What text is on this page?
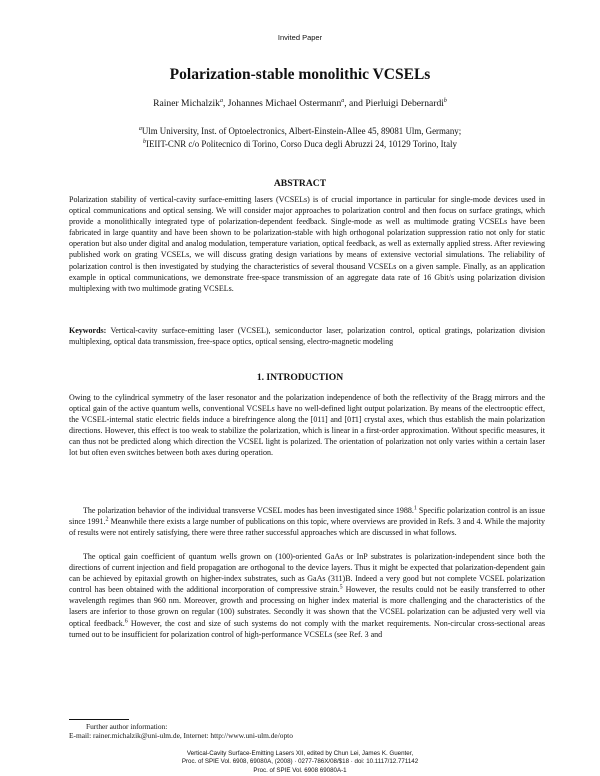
Invited Paper
Polarization-stable monolithic VCSELs
Rainer Michalzik$^a$, Johannes Michael Ostermann$^a$, and Pierluigi Debernardi$^b$
$^a$Ulm University, Inst. of Optoelectronics, Albert-Einstein-Allee 45, 89081 Ulm, Germany;
$^b$IEIIT-CNR c/o Politecnico di Torino, Corso Duca degli Abruzzi 24, 10129 Torino, Italy
ABSTRACT
Polarization stability of vertical-cavity surface-emitting lasers (VCSELs) is of crucial importance in particular for single-mode devices used in optical communications and optical sensing. We will consider major approaches to polarization control and then focus on surface gratings, which provide a monolithically integrated type of polarization-dependent feedback. Single-mode as well as multimode grating VCSELs have been fabricated in large quantity and have been shown to be polarization-stable with high orthogonal polarization suppression ratio not only for static operation but also under digital and analog modulation, temperature variation, optical feedback, as well as externally applied stress. After reviewing published work on grating VCSELs, we will discuss grating design variations by means of extensive vectorial simulations. The reliability of polarization control is then investigated by studying the characteristics of several thousand VCSELs on a given sample. Finally, as an application example in optical communications, we demonstrate free-space transmission of an aggregate data rate of 16 Gbit/s using polarization division multiplexing with two multimode grating VCSELs.
Keywords: Vertical-cavity surface-emitting laser (VCSEL), semiconductor laser, polarization control, optical gratings, polarization division multiplexing, optical data transmission, free-space optics, optical sensing, electro-magnetic modeling
1. INTRODUCTION
Owing to the cylindrical symmetry of the laser resonator and the polarization independence of both the reflectivity of the Bragg mirrors and the optical gain of the active quantum wells, conventional VCSELs have no well-defined light output polarization. By means of the electrooptic effect, the VCSEL-internal static electric fields induce a birefringence along the [011] and [01̄1] crystal axes, which thus establish the main polarization directions. However, this effect is too weak to stabilize the polarization, which is linear in a first-order approximation. Without specific measures, it can thus not be predicted along which direction the VCSEL light is polarized. The orientation of polarization not only varies within a certain laser lot but often even switches between both axes during operation.
The polarization behavior of the individual transverse VCSEL modes has been investigated since 1988.$^1$ Specific polarization control is an issue since 1991.$^2$ Meanwhile there exists a large number of publications on this topic, where overviews are provided in Refs. 3 and 4. While the majority of results were not entirely satisfying, there were three rather successful approaches which are discussed in what follows.
The optical gain coefficient of quantum wells grown on (100)-oriented GaAs or InP substrates is polarization-independent since both the directions of current injection and field propagation are orthogonal to the device layers. Thus it might be expected that polarization-dependent gain can be achieved by epitaxial growth on higher-index substrates, such as GaAs (311)B. Indeed a very good but not complete VCSEL polarization control has been obtained with the additional incorporation of compressive strain.$^5$ However, the results could not be easily transferred to other wavelength regimes than 960 nm. Moreover, growth and processing on higher index material is more challenging and the characteristics of the lasers are inferior to those grown on regular (100) substrates. Secondly it was shown that the VCSEL polarization can be adjusted very well via optical feedback.$^6$ However, the cost and size of such systems do not comply with the market requirements. Non-circular cross-sectional areas turned out to be insufficient for polarization control of high-performance VCSELs (see Ref. 3 and
Further author information:
E-mail: rainer.michalzik@uni-ulm.de, Internet: http://www.uni-ulm.de/opto
Vertical-Cavity Surface-Emitting Lasers XII, edited by Chun Lei, James K. Guenter,
Proc. of SPIE Vol. 6908, 69080A, (2008) · 0277-786X/08/$18 · doi: 10.1117/12.771142
Proc. of SPIE Vol. 6908 69080A-1
